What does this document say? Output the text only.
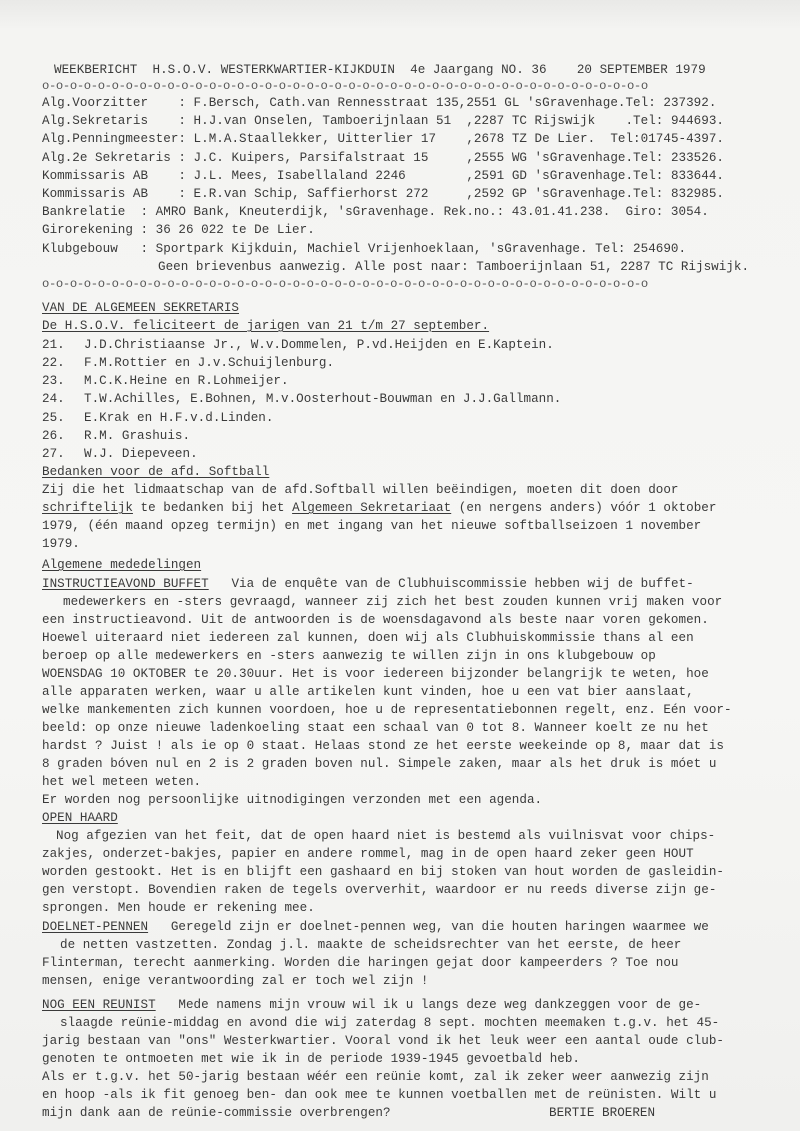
WEEKBERICHT  H.S.O.V. WESTERKWARTIER-KIJKDUIN  4e Jaargang NO. 36    20 SEPTEMBER 1979
o-o-o-o-o-o-o-o-o-o-o-o-o-o-o-o-o-o-o-o-o-o-o-o-o-o-o-o-o-o-o-o-o-o-o-o-o-o-o-o-o-o-o-o
Alg.Voorzitter    : F.Bersch, Cath.van Rennesstraat 135,2551 GL 'sGravenhage.Tel: 237392.
Alg.Sekretaris    : H.J.van Onselen, Tamboerijnlaan 51  ,2287 TC Rijswijk    .Tel: 944693.
Alg.Penningmeester: L.M.A.Staallekker, Uitterlier 17    ,2678 TZ De Lier.  Tel:01745-4397.
Alg.2e Sekretaris : J.C. Kuipers, Parsifalstraat 15     ,2555 WG 'sGravenhage.Tel: 233526.
Kommissaris AB    : J.L. Mees, Isabellaland 2246        ,2591 GD 'sGravenhage.Tel: 833644.
Kommissaris AB    : E.R.van Schip, Saffierhorst 272     ,2592 GP 'sGravenhage.Tel: 832985.
Bankrelatie  : AMRO Bank, Kneuterdijk, 'sGravenhage. Rek.no.: 43.01.41.238.  Giro: 3054.
Girorekening : 36 26 022 te De Lier.
Klubgebouw   : Sportpark Kijkduin, Machiel Vrijenhoeklaan, 'sGravenhage. Tel: 254690.
Geen brievenbus aanwezig. Alle post naar: Tamboerijnlaan 51, 2287 TC Rijswijk.
o-o-o-o-o-o-o-o-o-o-o-o-o-o-o-o-o-o-o-o-o-o-o-o-o-o-o-o-o-o-o-o-o-o-o-o-o-o-o-o-o-o-o-o
VAN DE ALGEMEEN SEKRETARIS
De H.S.O.V. feliciteert de jarigen van 21 t/m 27 september.
21. J.D.Christiaanse Jr., W.v.Dommelen, P.vd.Heijden en E.Kaptein.
22. F.M.Rottier en J.v.Schuijlenburg.
23. M.C.K.Heine en R.Lohmeijer.
24. T.W.Achilles, E.Bohnen, M.v.Oosterhout-Bouwman en J.J.Gallmann.
25. E.Krak en H.F.v.d.Linden.
26. R.M. Grashuis.
27. W.J. Diepeveen.
Bedanken voor de afd. Softball
Zij die het lidmaatschap van de afd.Softball willen beëindigen, moeten dit doen door
schriftelijk te bedanken bij het Algemeen Sekretariaat (en nergens anders) vóór 1 oktober
1979, (één maand opzeg termijn) en met ingang van het nieuwe softballseizoen 1 november
1979.
Algemene mededelingen
INSTRUCTIEAVOND BUFFET   Via de enquête van de Clubhuiscommissie hebben wij de buffet-
medewerkers en -sters gevraagd, wanneer zij zich het best zouden kunnen vrij maken voor
een instructieavond. Uit de antwoorden is de woensdagavond als beste naar voren gekomen.
Hoewel uiteraard niet iedereen zal kunnen, doen wij als Clubhuiskommissie thans al een
beroep op alle medewerkers en -sters aanwezig te willen zijn in ons klubgebouw op
WOENSDAG 10 OKTOBER te 20.30uur. Het is voor iedereen bijzonder belangrijk te weten, hoe
alle apparaten werken, waar u alle artikelen kunt vinden, hoe u een vat bier aanslaat,
welke mankementen zich kunnen voordoen, hoe u de representatiebonnen regelt, enz. Eén voor-
beeld: op onze nieuwe ladenkoeling staat een schaal van 0 tot 8. Wanneer koelt ze nu het
hardst ? Juist ! als ie op 0 staat. Helaas stond ze het eerste weekeinde op 8, maar dat is
8 graden bóven nul en 2 is 2 graden boven nul. Simpele zaken, maar als het druk is móet u
het wel meteen weten.
Er worden nog persoonlijke uitnodigingen verzonden met een agenda.
OPEN HAARD
Nog afgezien van het feit, dat de open haard niet is bestemd als vuilnisvat voor chips-
zakjes, onderzet-bakjes, papier en andere rommel, mag in de open haard zeker geen HOUT
worden gestookt. Het is en blijft een gashaard en bij stoken van hout worden de gasleidin-
gen verstopt. Bovendien raken de tegels oververhit, waardoor er nu reeds diverse zijn ge-
sprongen. Men houde er rekening mee.
DOELNET-PENNEN   Geregeld zijn er doelnet-pennen weg, van die houten haringen waarmee we
de netten vastzetten. Zondag j.l. maakte de scheidsrechter van het eerste, de heer
Flinterman, terecht aanmerking. Worden die haringen gejat door kampeerders ? Toe nou
mensen, enige verantwoording zal er toch wel zijn !
NOG EEN REUNIST   Mede namens mijn vrouw wil ik u langs deze weg dankzeggen voor de ge-
slaagde reünie-middag en avond die wij zaterdag 8 sept. mochten meemaken t.g.v. het 45-
jarig bestaan van "ons" Westerkwartier. Vooral vond ik het leuk weer een aantal oude club-
genoten te ontmoeten met wie ik in de periode 1939-1945 gevoetbald heb.
Als er t.g.v. het 50-jarig bestaan wéér een reünie komt, zal ik zeker weer aanwezig zijn
en hoop -als ik fit genoeg ben- dan ook mee te kunnen voetballen met de reünisten. Wilt u
mijn dank aan de reünie-commissie overbrengen?	BERTIE BROEREN
